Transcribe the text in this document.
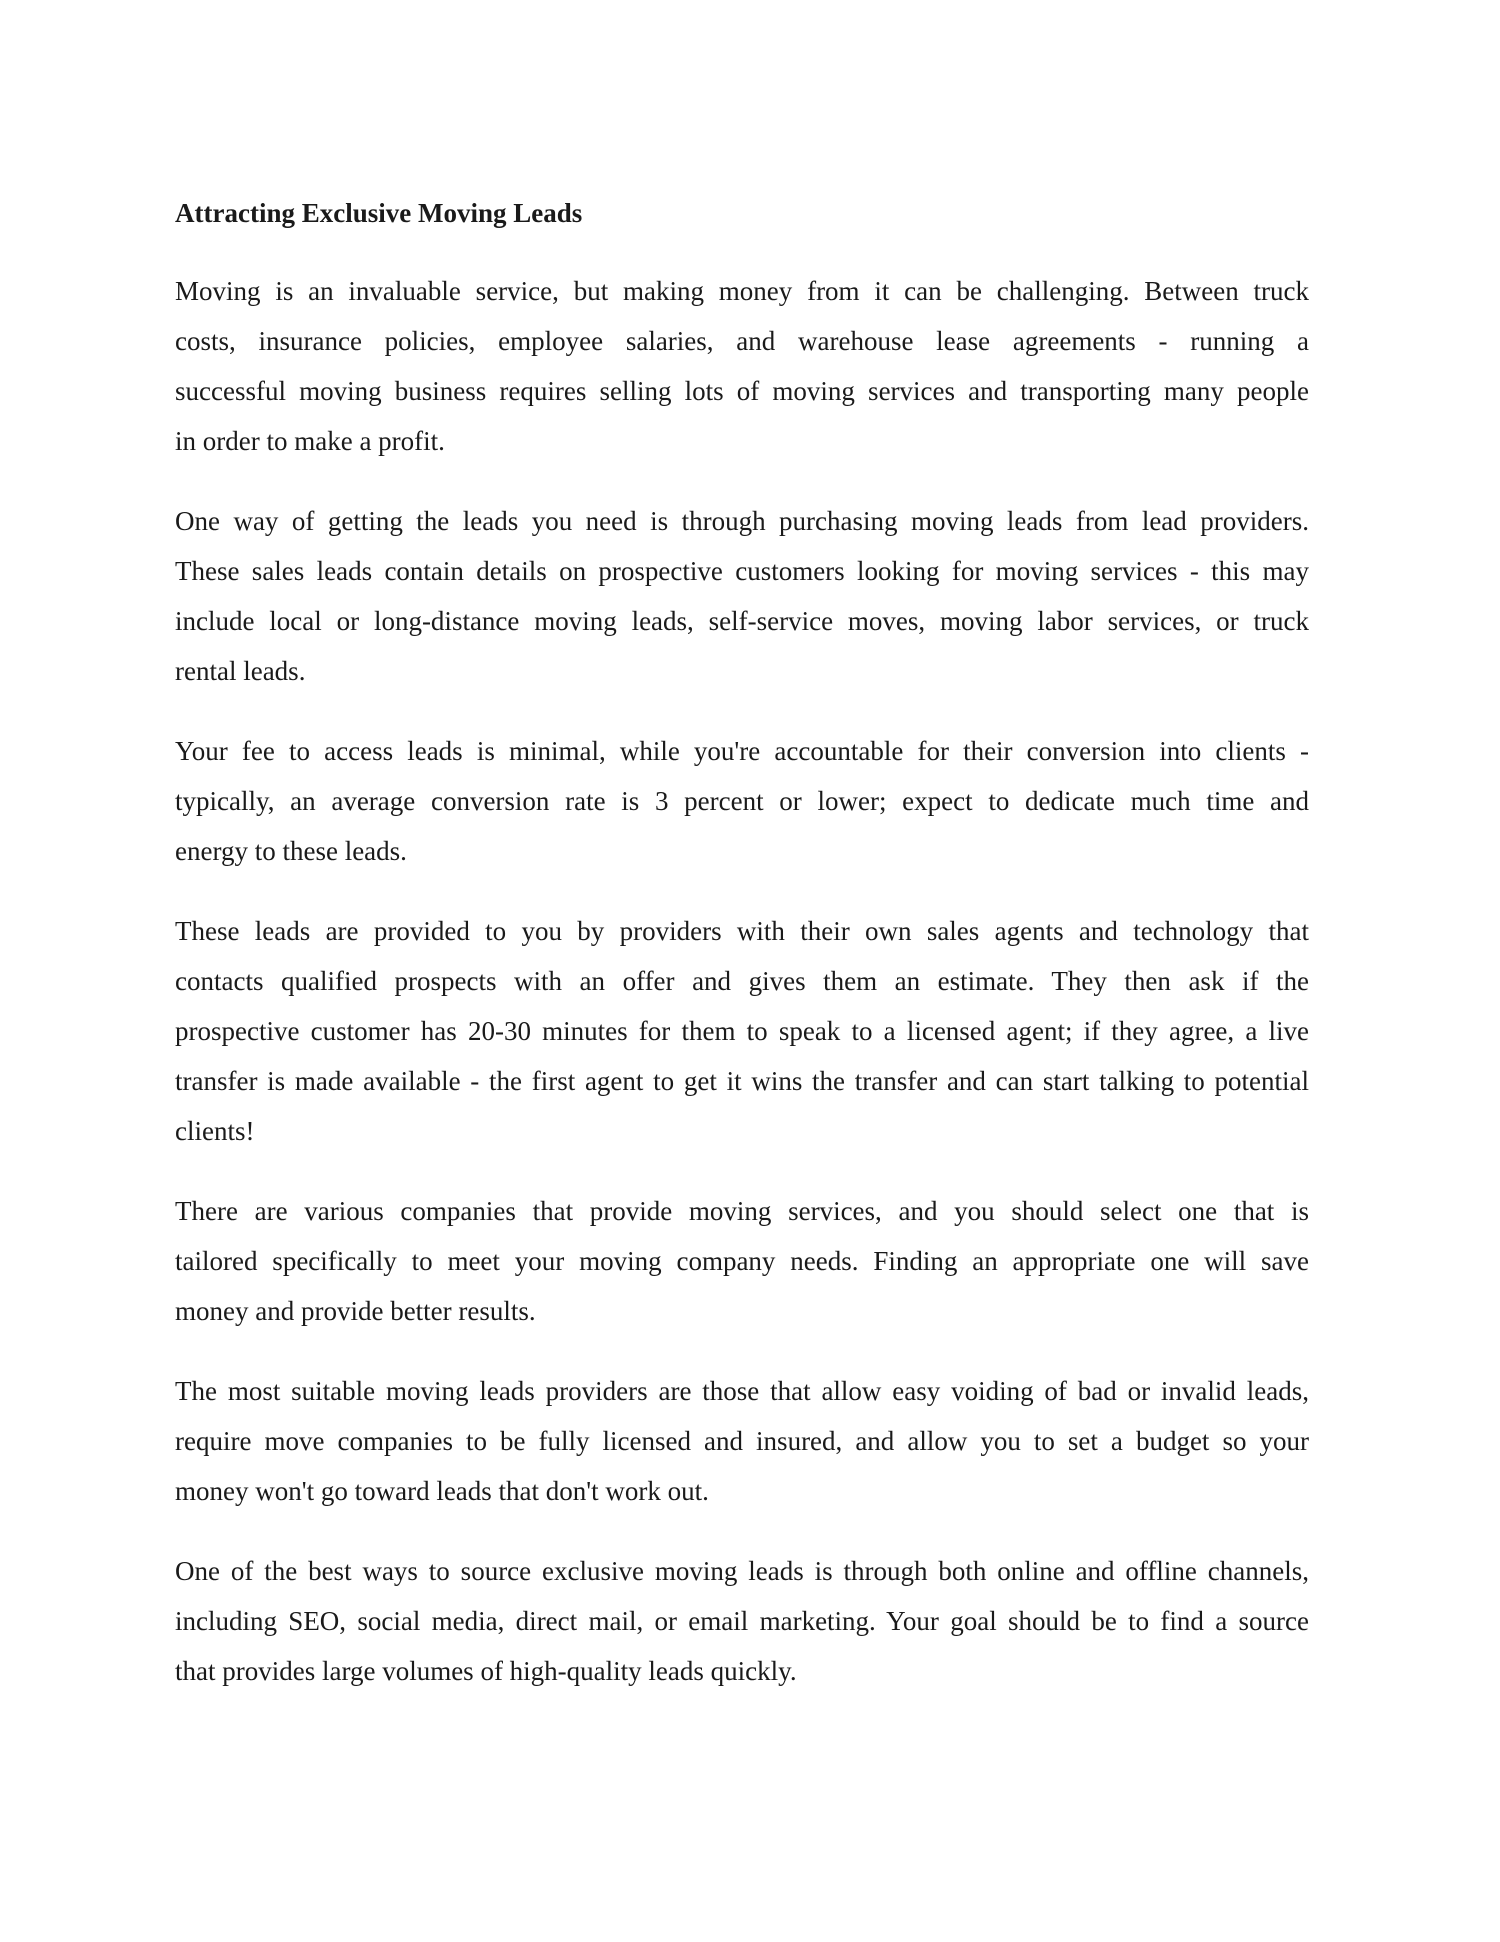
Attracting Exclusive Moving Leads
Moving is an invaluable service, but making money from it can be challenging. Between truck
costs, insurance policies, employee salaries, and warehouse lease agreements - running a
successful moving business requires selling lots of moving services and transporting many people
in order to make a profit.
One way of getting the leads you need is through purchasing moving leads from lead providers.
These sales leads contain details on prospective customers looking for moving services - this may
include local or long-distance moving leads, self-service moves, moving labor services, or truck
rental leads.
Your fee to access leads is minimal, while you're accountable for their conversion into clients -
typically, an average conversion rate is 3 percent or lower; expect to dedicate much time and
energy to these leads.
These leads are provided to you by providers with their own sales agents and technology that
contacts qualified prospects with an offer and gives them an estimate. They then ask if the
prospective customer has 20-30 minutes for them to speak to a licensed agent; if they agree, a live
transfer is made available - the first agent to get it wins the transfer and can start talking to potential
clients!
There are various companies that provide moving services, and you should select one that is
tailored specifically to meet your moving company needs. Finding an appropriate one will save
money and provide better results.
The most suitable moving leads providers are those that allow easy voiding of bad or invalid leads,
require move companies to be fully licensed and insured, and allow you to set a budget so your
money won't go toward leads that don't work out.
One of the best ways to source exclusive moving leads is through both online and offline channels,
including SEO, social media, direct mail, or email marketing. Your goal should be to find a source
that provides large volumes of high-quality leads quickly.
